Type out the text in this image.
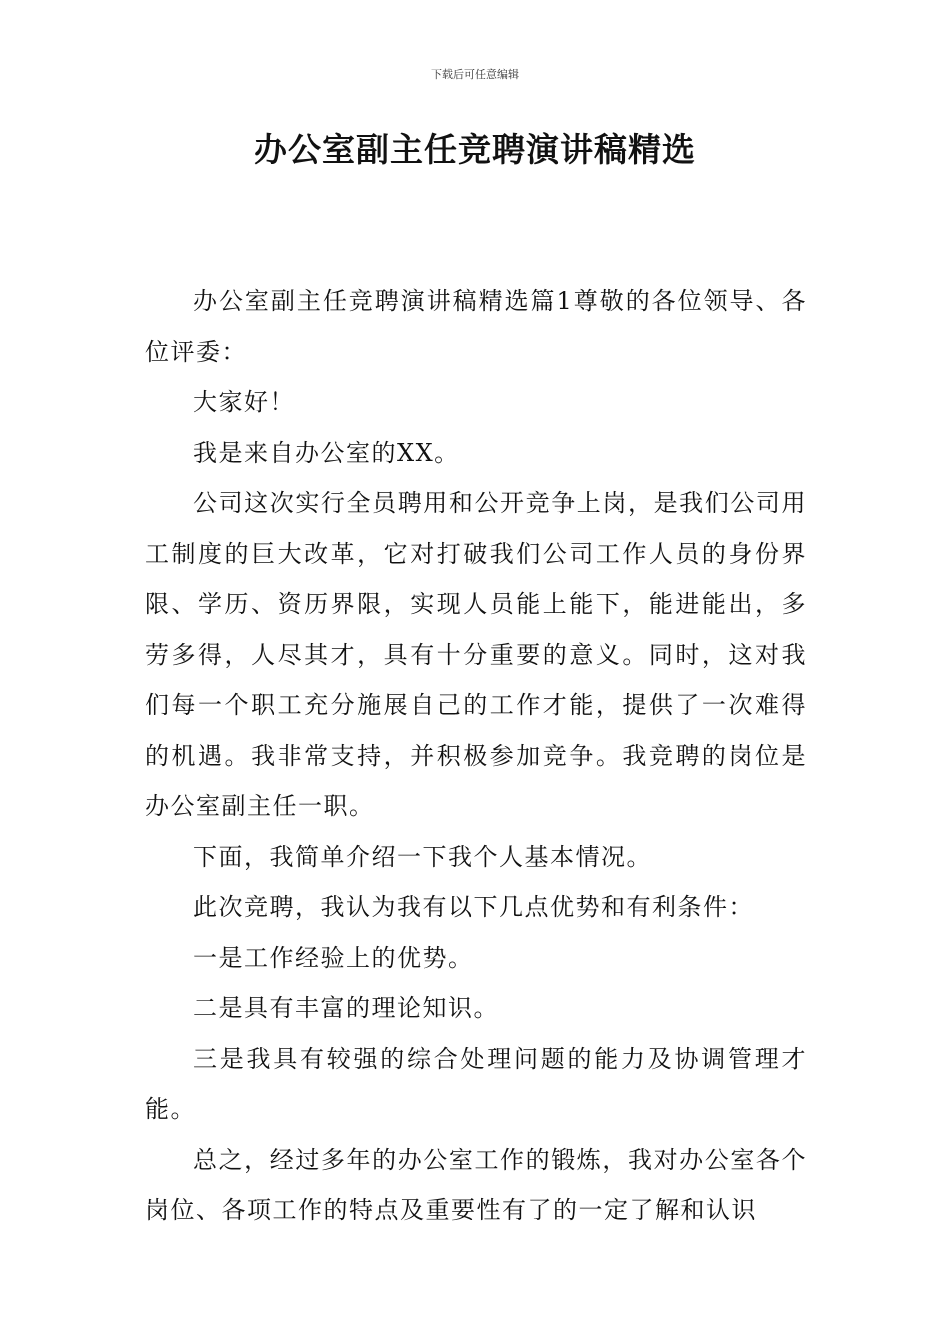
下载后可任意编辑
办公室副主任竞聘演讲稿精选

办公室副主任竞聘演讲稿精选篇1尊敬的各位领导、各位评委：

大家好！

我是来自办公室的XX。

公司这次实行全员聘用和公开竞争上岗，是我们公司用工制度的巨大改革，它对打破我们公司工作人员的身份界限、学历、资历界限，实现人员能上能下，能进能出，多劳多得，人尽其才，具有十分重要的意义。同时，这对我们每一个职工充分施展自己的工作才能，提供了一次难得的机遇。我非常支持，并积极参加竞争。我竞聘的岗位是办公室副主任一职。

下面，我简单介绍一下我个人基本情况。

此次竞聘，我认为我有以下几点优势和有利条件：

一是工作经验上的优势。

二是具有丰富的理论知识。

三是我具有较强的综合处理问题的能力及协调管理才能。

总之，经过多年的办公室工作的锻炼，我对办公室各个岗位、各项工作的特点及重要性有了的一定了解和认识
